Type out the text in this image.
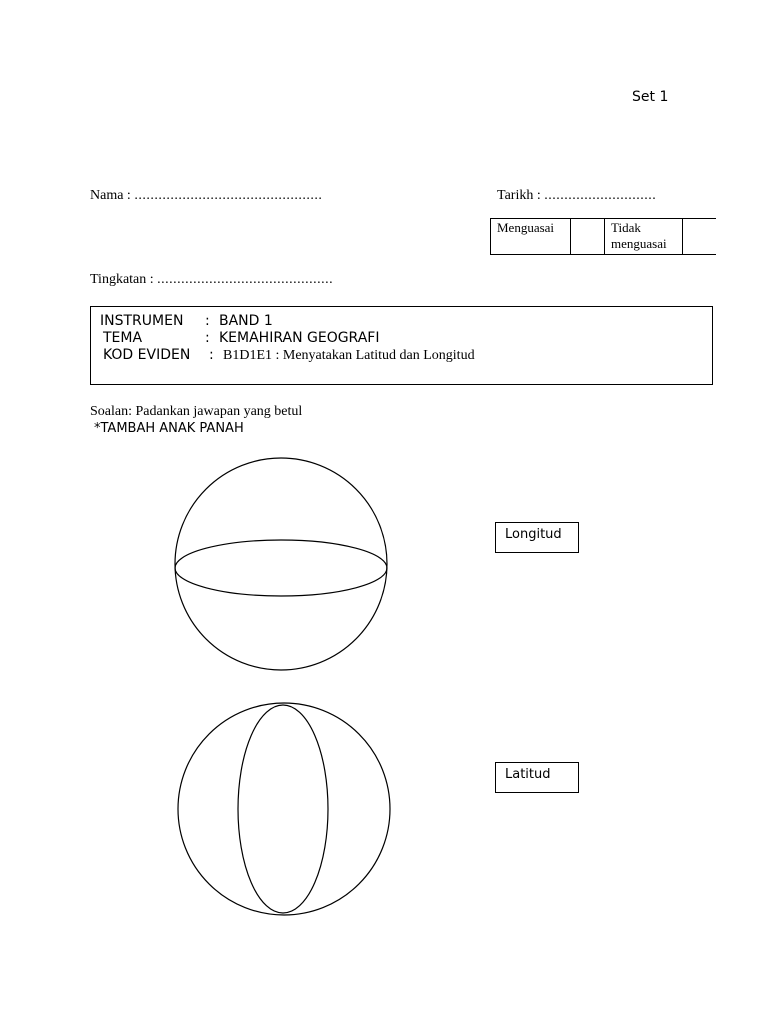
Set 1
Nama : ...............................................	Tarikh : ............................
Menguasai		Tidak
menguasai

Tingkatan : ............................................
INSTRUMEN : BAND 1
TEMA	: KEMAHIRAN GEOGRAFI
KOD EVIDEN : B1D1E1 : Menyatakan Latitud dan Longitud
Soalan: Padankan jawapan yang betul
*TAMBAH ANAK PANAH
Longitud
Latitud
